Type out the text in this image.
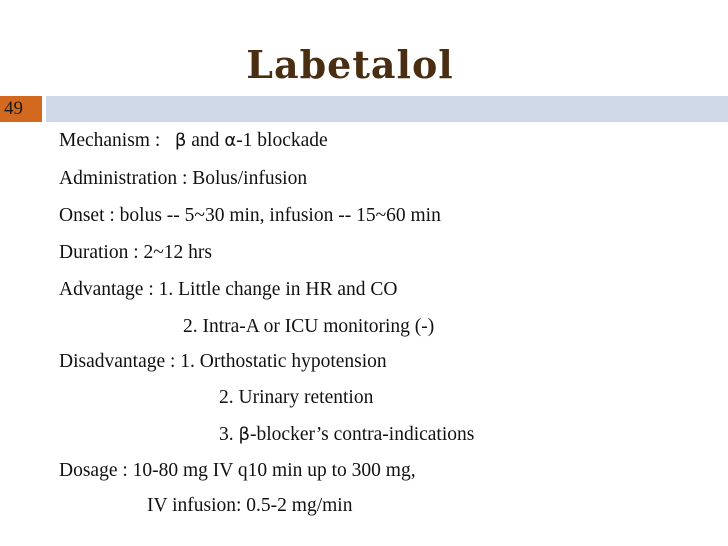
Labetalol
49

Mechanism : β and α-1 blockade

Administration : Bolus/infusion

Onset : bolus -- 5~30 min, infusion -- 15~60 min

Duration : 2~12 hrs

Advantage : 1. Little change in HR and CO

2. Intra-A or ICU monitoring (-)

Disadvantage : 1. Orthostatic hypotension

2. Urinary retention

3. β-blocker’s contra-indications

Dosage : 10-80 mg IV q10 min up to 300 mg,

IV infusion: 0.5-2 mg/min
